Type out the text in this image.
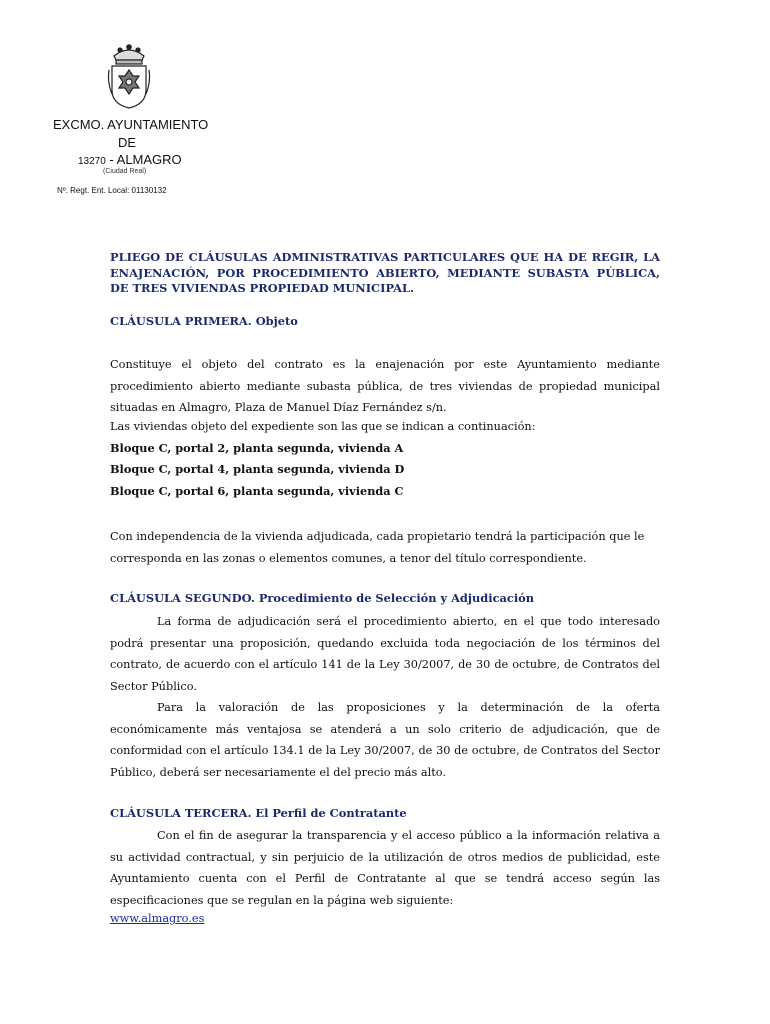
EXCMO. AYUNTAMIENTO
DE
13270 - ALMAGRO
(Ciudad Real)
Nº. Regt. Ent. Local: 01130132
PLIEGO DE CLÁUSULAS ADMINISTRATIVAS PARTICULARES QUE HA DE REGIR, LA ENAJENACIÓN, POR PROCEDIMIENTO ABIERTO, MEDIANTE SUBASTA PÚBLICA, DE TRES VIVIENDAS PROPIEDAD MUNICIPAL.
CLÁUSULA PRIMERA. Objeto
Constituye el objeto del contrato es la enajenación por este Ayuntamiento mediante procedimiento abierto mediante subasta pública, de tres viviendas de propiedad municipal situadas en Almagro, Plaza de Manuel Díaz Fernández s/n.
Las viviendas objeto del expediente son las que se indican a continuación:
Bloque C, portal 2, planta segunda, vivienda A
Bloque C, portal 4, planta segunda, vivienda D
Bloque C, portal 6, planta segunda, vivienda C
Con independencia de la vivienda adjudicada, cada propietario tendrá la participación que le corresponda en las zonas o elementos comunes, a tenor del título correspondiente.
CLÁUSULA SEGUNDO. Procedimiento de Selección y Adjudicación
La forma de adjudicación será el procedimiento abierto, en el que todo interesado podrá presentar una proposición, quedando excluida toda negociación de los términos del contrato, de acuerdo con el artículo 141 de la Ley 30/2007, de 30 de octubre, de Contratos del Sector Público.
Para la valoración de las proposiciones y la determinación de la oferta económicamente más ventajosa se atenderá a un solo criterio de adjudicación, que de conformidad con el artículo 134.1 de la Ley 30/2007, de 30 de octubre, de Contratos del Sector Público, deberá ser necesariamente el del precio más alto.
CLÁUSULA TERCERA. El Perfil de Contratante
Con el fin de asegurar la transparencia y el acceso público a la información relativa a su actividad contractual, y sin perjuicio de la utilización de otros medios de publicidad, este Ayuntamiento cuenta con el Perfil de Contratante al que se tendrá acceso según las especificaciones que se regulan en la página web siguiente:
www.almagro.es
